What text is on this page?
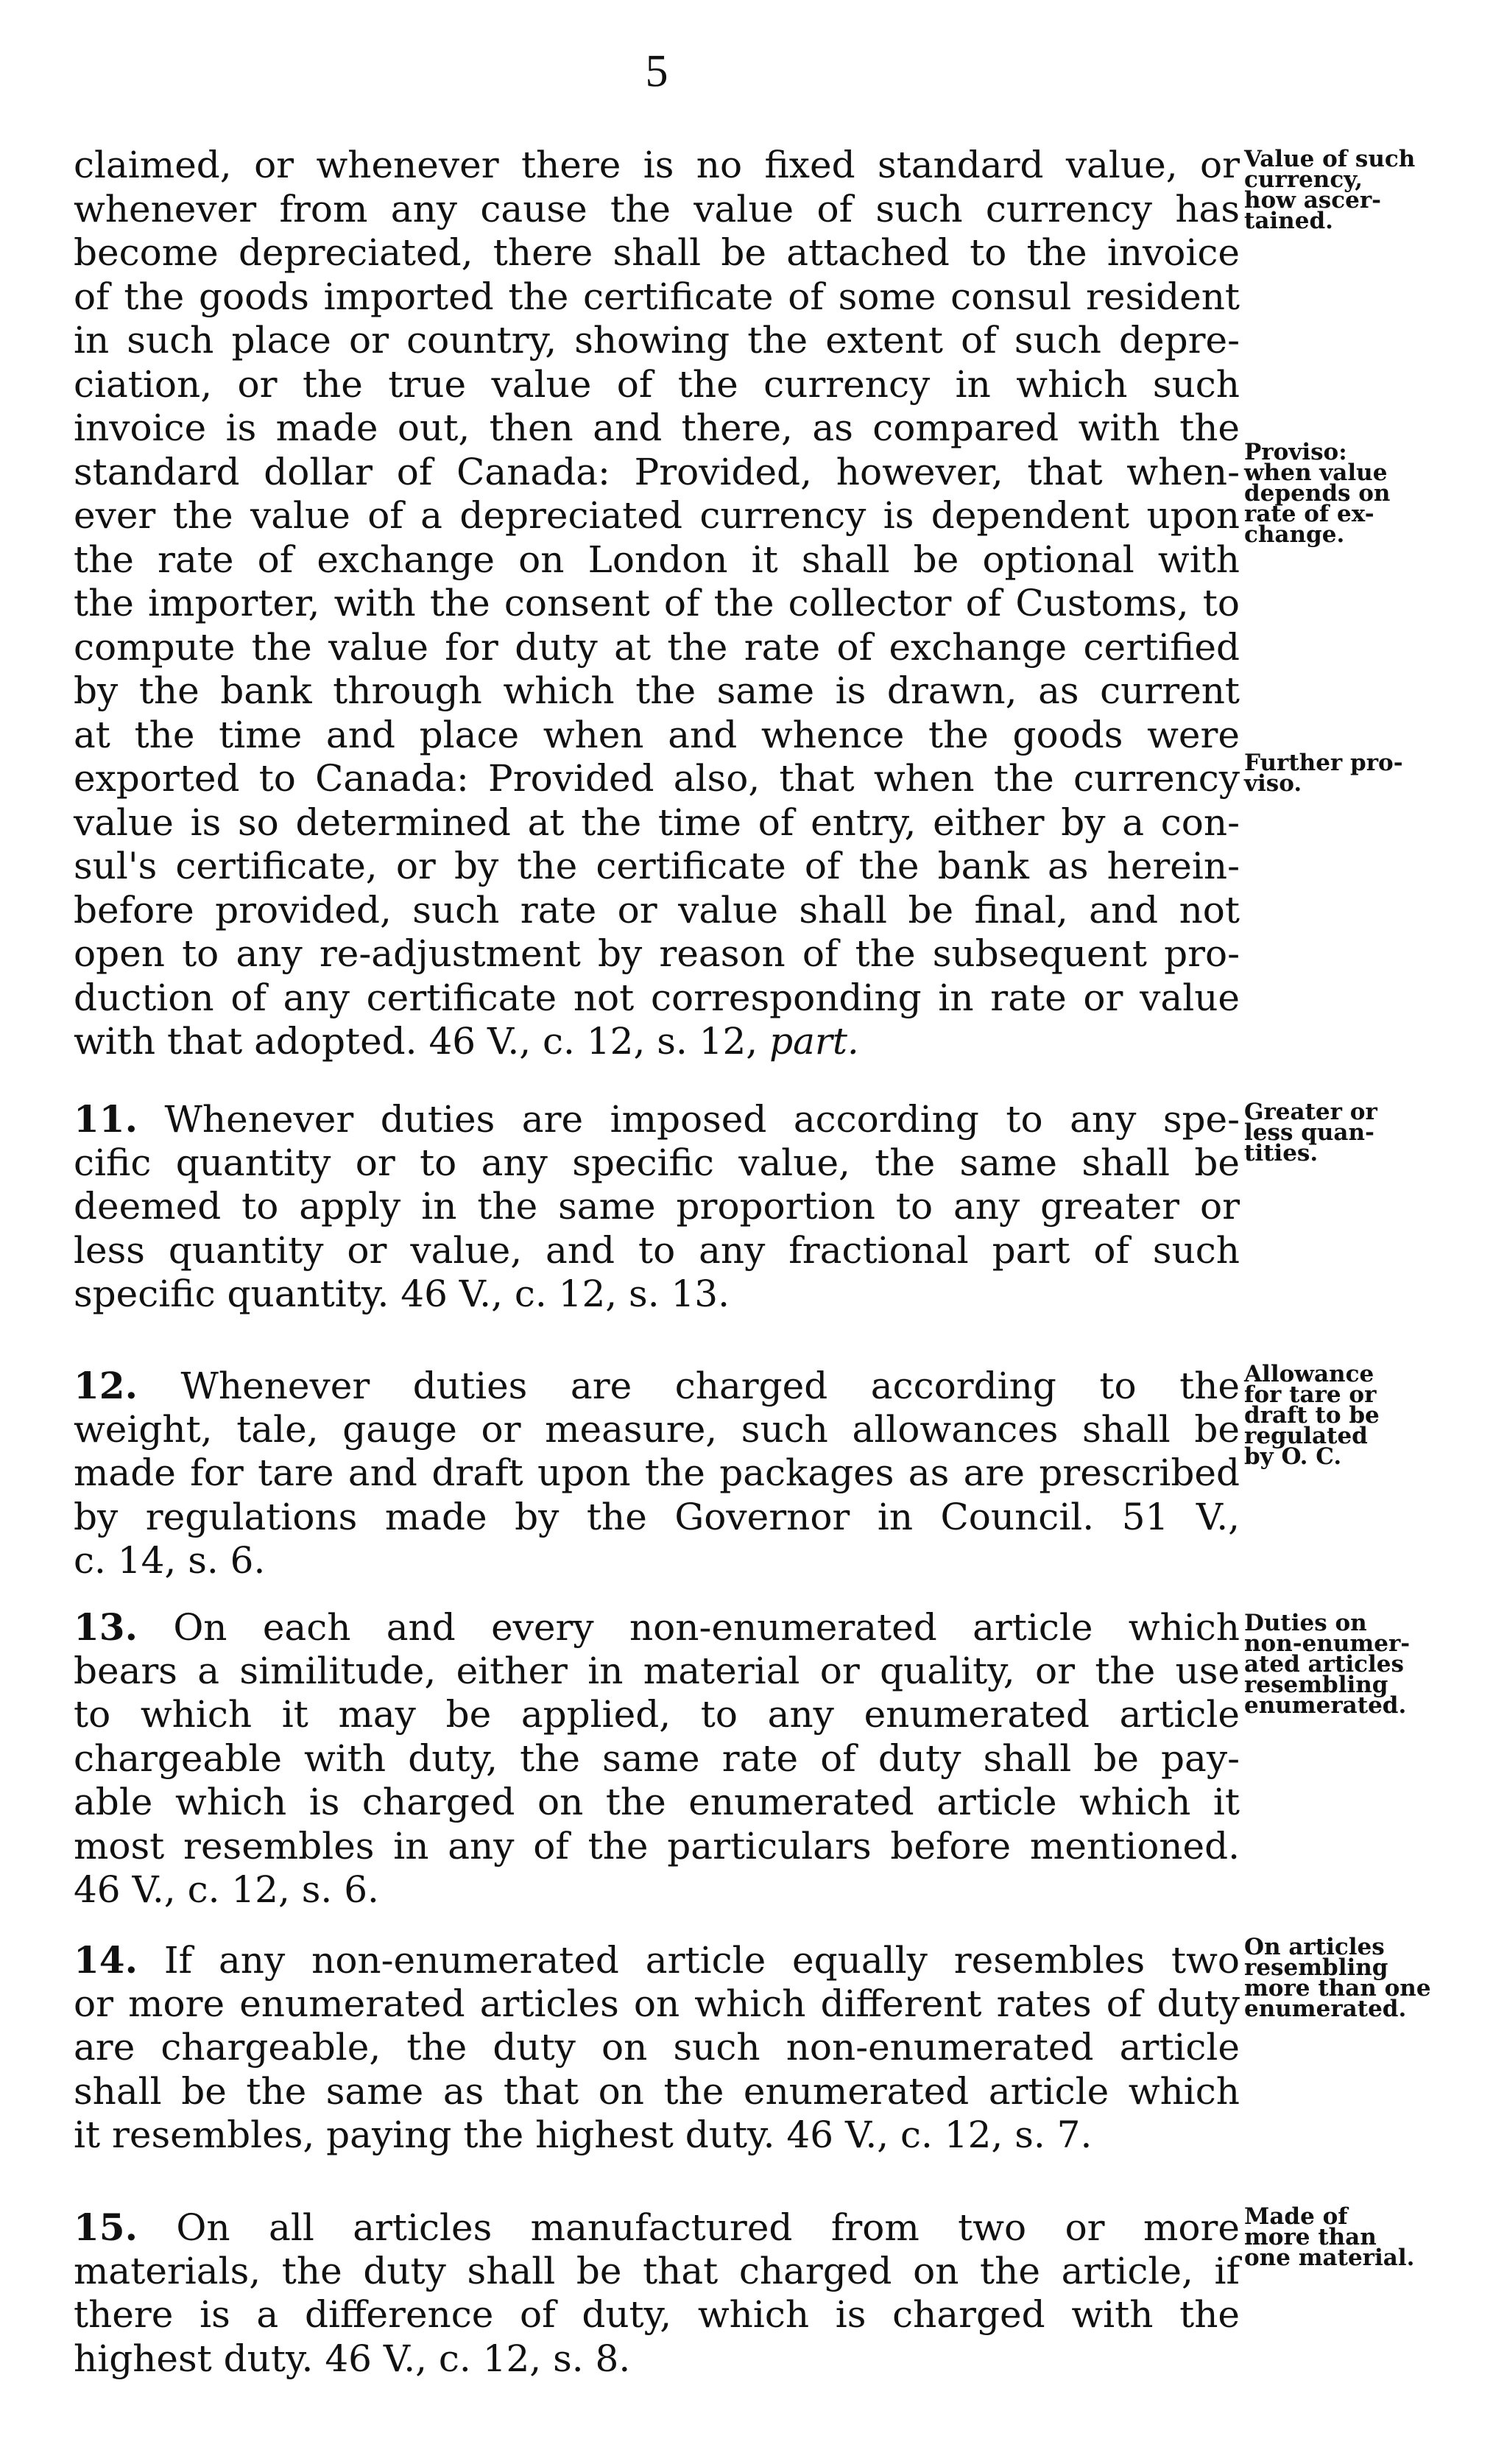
5
claimed, or whenever there is no fixed standard value, or
whenever from any cause the value of such currency has
become depreciated, there shall be attached to the invoice
of the goods imported the certificate of some consul resident
in such place or country, showing the extent of such depre-
ciation, or the true value of the currency in which such
invoice is made out, then and there, as compared with the
standard dollar of Canada: Provided, however, that when-
ever the value of a depreciated currency is dependent upon
the rate of exchange on London it shall be optional with
the importer, with the consent of the collector of Customs, to
compute the value for duty at the rate of exchange certified
by the bank through which the same is drawn, as current
at the time and place when and whence the goods were
exported to Canada: Provided also, that when the currency
value is so determined at the time of entry, either by a con-
sul's certificate, or by the certificate of the bank as herein-
before provided, such rate or value shall be final, and not
open to any re-adjustment by reason of the subsequent pro-
duction of any certificate not corresponding in rate or value
with that adopted. 46 V., c. 12, s. 12, part.
11. Whenever duties are imposed according to any spe-
cific quantity or to any specific value, the same shall be
deemed to apply in the same proportion to any greater or
less quantity or value, and to any fractional part of such
specific quantity. 46 V., c. 12, s. 13.
12. Whenever duties are charged according to the
weight, tale, gauge or measure, such allowances shall be
made for tare and draft upon the packages as are prescribed
by regulations made by the Governor in Council. 51 V.,
c. 14, s. 6.
13. On each and every non-enumerated article which
bears a similitude, either in material or quality, or the use
to which it may be applied, to any enumerated article
chargeable with duty, the same rate of duty shall be pay-
able which is charged on the enumerated article which it
most resembles in any of the particulars before mentioned.
46 V., c. 12, s. 6.
14. If any non-enumerated article equally resembles two
or more enumerated articles on which different rates of duty
are chargeable, the duty on such non-enumerated article
shall be the same as that on the enumerated article which
it resembles, paying the highest duty. 46 V., c. 12, s. 7.
15. On all articles manufactured from two or more
materials, the duty shall be that charged on the article, if
there is a difference of duty, which is charged with the
highest duty. 46 V., c. 12, s. 8.
Value of such
currency,
how ascer-
tained.
Proviso:
when value
depends on
rate of ex-
change.
Further pro-
viso.
Greater or
less quan-
tities.
Allowance
for tare or
draft to be
regulated
by O. C.
Duties on
non-enumer-
ated articles
resembling
enumerated.
On articles
resembling
more than one
enumerated.
Made of
more than
one material.
